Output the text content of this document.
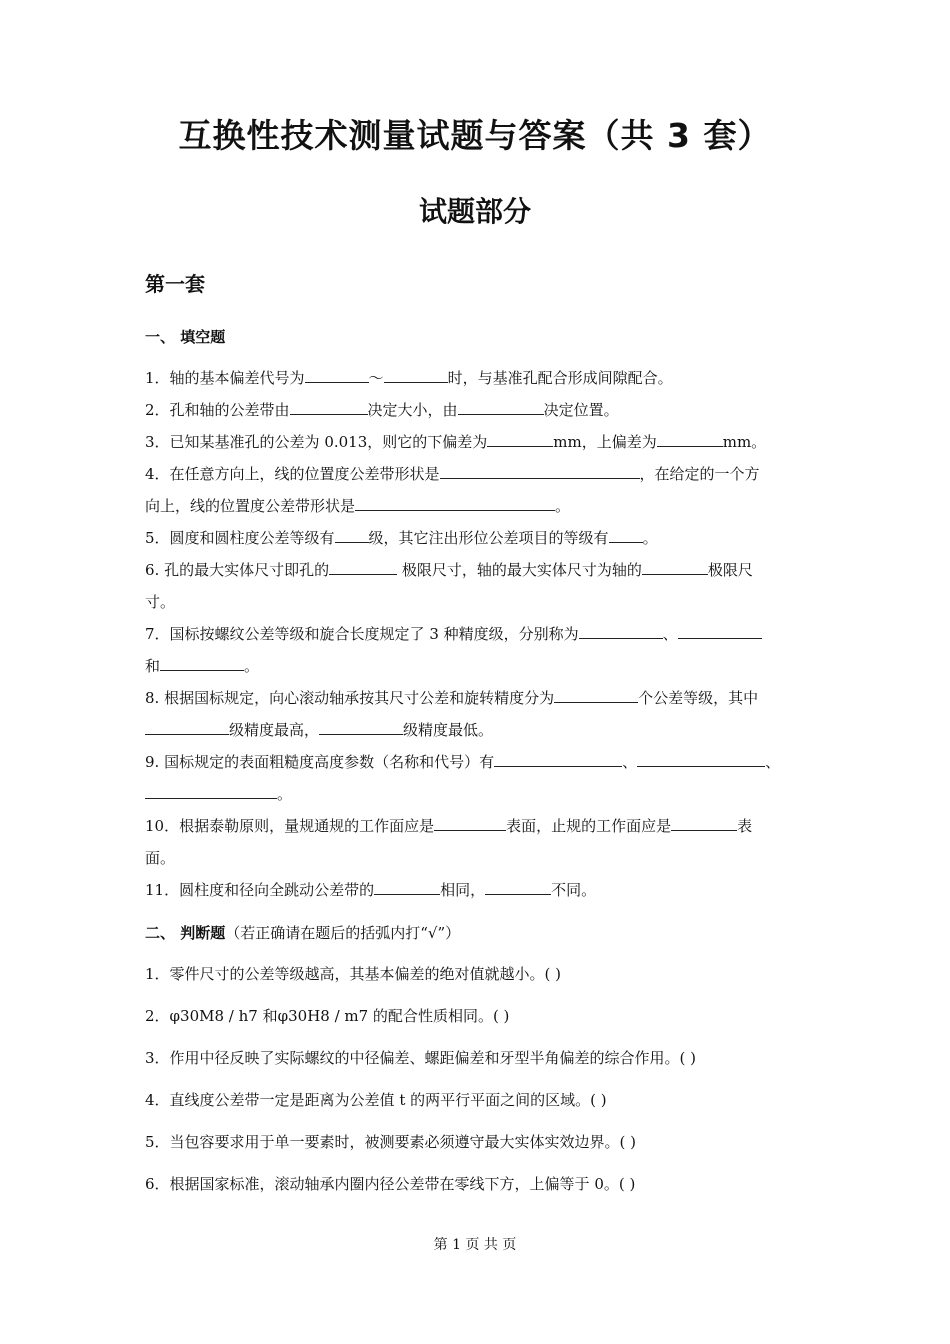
互换性技术测量试题与答案（共 3 套）
试题部分
第一套
一、 填空题
1．轴的基本偏差代号为	～	时，与基准孔配合形成间隙配合。
2．孔和轴的公差带由	决定大小，由	决定位置。
3．已知某基准孔的公差为 0.013，则它的下偏差为	mm，上偏差为	mm。
4．在任意方向上，线的位置度公差带形状是	，在给定的一个方
向上，线的位置度公差带形状是	。
5．圆度和圆柱度公差等级有 级，其它注出形位公差项目的等级有 。
6. 孔的最大实体尺寸即孔的	极限尺寸，轴的最大实体尺寸为轴的	极限尺
寸。
7．国标按螺纹公差等级和旋合长度规定了 3 种精度级，分别称为	、
和	。
8. 根据国标规定，向心滚动轴承按其尺寸公差和旋转精度分为	个公差等级，其中
级精度最高，	级精度最低。
9. 国标规定的表面粗糙度高度参数（名称和代号）有	、	、
。
10．根据泰勒原则，量规通规的工作面应是	表面，止规的工作面应是	表
面。
11．圆柱度和径向全跳动公差带的	相同，	不同。
二、 判断题（若正确请在题后的括弧内打“√”）
1．零件尺寸的公差等级越高，其基本偏差的绝对值就越小。( )
2．φ30M8 / h7 和φ30H8 / m7 的配合性质相同。( )
3．作用中径反映了实际螺纹的中径偏差、螺距偏差和牙型半角偏差的综合作用。( )
4．直线度公差带一定是距离为公差值 t 的两平行平面之间的区域。( )
5．当包容要求用于单一要素时，被测要素必须遵守最大实体实效边界。( )
6．根据国家标准，滚动轴承内圈内径公差带在零线下方，上偏等于 0。( )
第 1 页 共 页
